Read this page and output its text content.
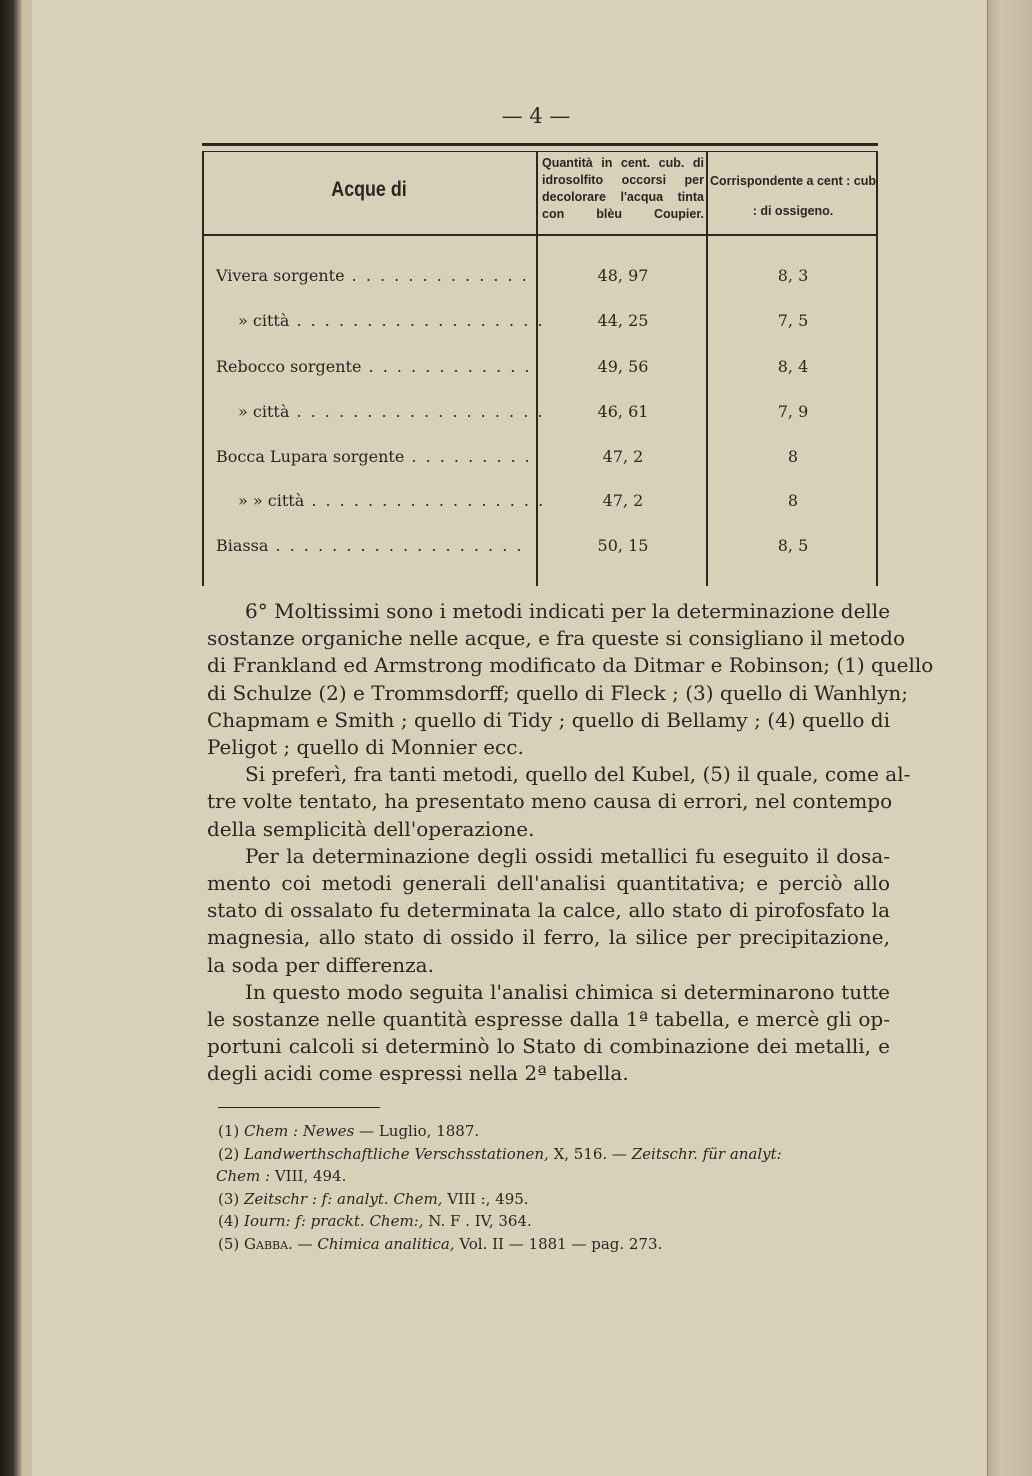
— 4 —
Acque di
Quantità in cent. cub. di idrosolfito occorsi per decolorare l'acqua tinta con blèu Coupier.
Corrispondente a cent : cub : di ossigeno.
Vivera sorgente . . .	48, 97	8, 3
» città . . .	44, 25	7, 5
Rebocco sorgente . . .	49, 56	8, 4
» città . . .	46, 61	7, 9
Bocca Lupara sorgente . . .	47, 2	8
» » città . . .	47, 2	8
Biassa . . .	50, 15	8, 5
6° Moltissimi sono i metodi indicati per la determinazione delle
sostanze organiche nelle acque, e fra queste si consigliano il metodo
di Frankland ed Armstrong modificato da Ditmar e Robinson; (1) quello
di Schulze (2) e Trommsdorff; quello di Fleck ; (3) quello di Wanhlyn;
Chapmam e Smith ; quello di Tidy ; quello di Bellamy ; (4) quello di
Peligot ; quello di Monnier ecc.
Si preferì, fra tanti metodi, quello del Kubel, (5) il quale, come al-
tre volte tentato, ha presentato meno causa di errori, nel contempo
della semplicità dell'operazione.
Per la determinazione degli ossidi metallici fu eseguito il dosa-
mento coi metodi generali dell'analisi quantitativa; e perciò allo
stato di ossalato fu determinata la calce, allo stato di pirofosfato la
magnesia, allo stato di ossido il ferro, la silice per precipitazione,
la soda per differenza.
In questo modo seguita l'analisi chimica si determinarono tutte
le sostanze nelle quantità espresse dalla 1ª tabella, e mercè gli op-
portuni calcoli si determinò lo Stato di combinazione dei metalli, e
degli acidi come espressi nella 2ª tabella.
(1) Chem : Newes — Luglio, 1887.
(2) Landwerthschaftliche Verschsstationen, X, 516. — Zeitschr. für analyt:
Chem : VIII, 494.
(3) Zeitschr : f: analyt. Chem, VIII :, 495.
(4) Iourn: f: prackt. Chem:, N. F . IV, 364.
(5) Gabba. — Chimica analitica, Vol. II — 1881 — pag. 273.
